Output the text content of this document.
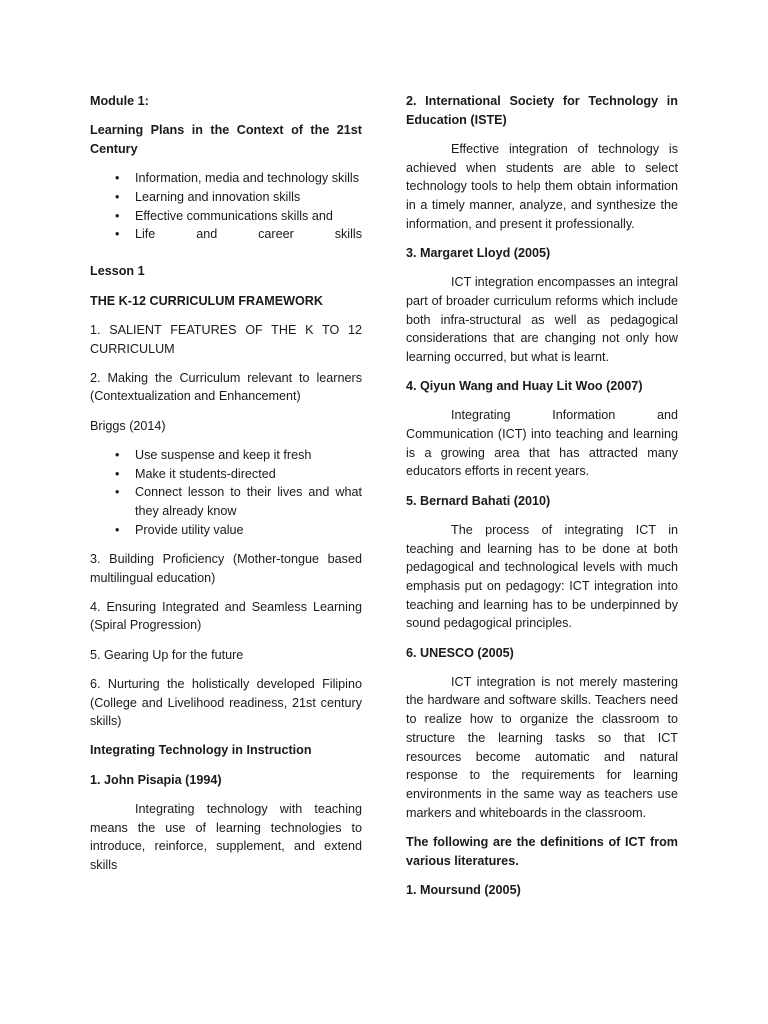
Module 1:

Learning Plans in the Context of the 21st Century

• Information, media and technology skills
• Learning and innovation skills
• Effective communications skills and
• Life and career skills

Lesson 1

THE K-12 CURRICULUM FRAMEWORK

1. SALIENT FEATURES OF THE K TO 12 CURRICULUM

2. Making the Curriculum relevant to learners (Contextualization and Enhancement)

Briggs (2014)

• Use suspense and keep it fresh
• Make it students-directed
• Connect lesson to their lives and what they already know
• Provide utility value

3. Building Proficiency (Mother-tongue based multilingual education)

4. Ensuring Integrated and Seamless Learning (Spiral Progression)

5. Gearing Up for the future

6. Nurturing the holistically developed Filipino (College and Livelihood readiness, 21st century skills)

Integrating Technology in Instruction

1. John Pisapia (1994)

Integrating technology with teaching means the use of learning technologies to introduce, reinforce, supplement, and extend skills

2. International Society for Technology in Education (ISTE)

Effective integration of technology is achieved when students are able to select technology tools to help them obtain information in a timely manner, analyze, and synthesize the information, and present it professionally.

3. Margaret Lloyd (2005)

ICT integration encompasses an integral part of broader curriculum reforms which include both infra-structural as well as pedagogical considerations that are changing not only how learning occurred, but what is learnt.

4. Qiyun Wang and Huay Lit Woo (2007)

Integrating Information and Communication (ICT) into teaching and learning is a growing area that has attracted many educators efforts in recent years.

5. Bernard Bahati (2010)

The process of integrating ICT in teaching and learning has to be done at both pedagogical and technological levels with much emphasis put on pedagogy: ICT integration into teaching and learning has to be underpinned by sound pedagogical principles.

6. UNESCO (2005)

ICT integration is not merely mastering the hardware and software skills. Teachers need to realize how to organize the classroom to structure the learning tasks so that ICT resources become automatic and natural response to the requirements for learning environments in the same way as teachers use markers and whiteboards in the classroom.

The following are the definitions of ICT from various literatures.

1. Moursund (2005)
